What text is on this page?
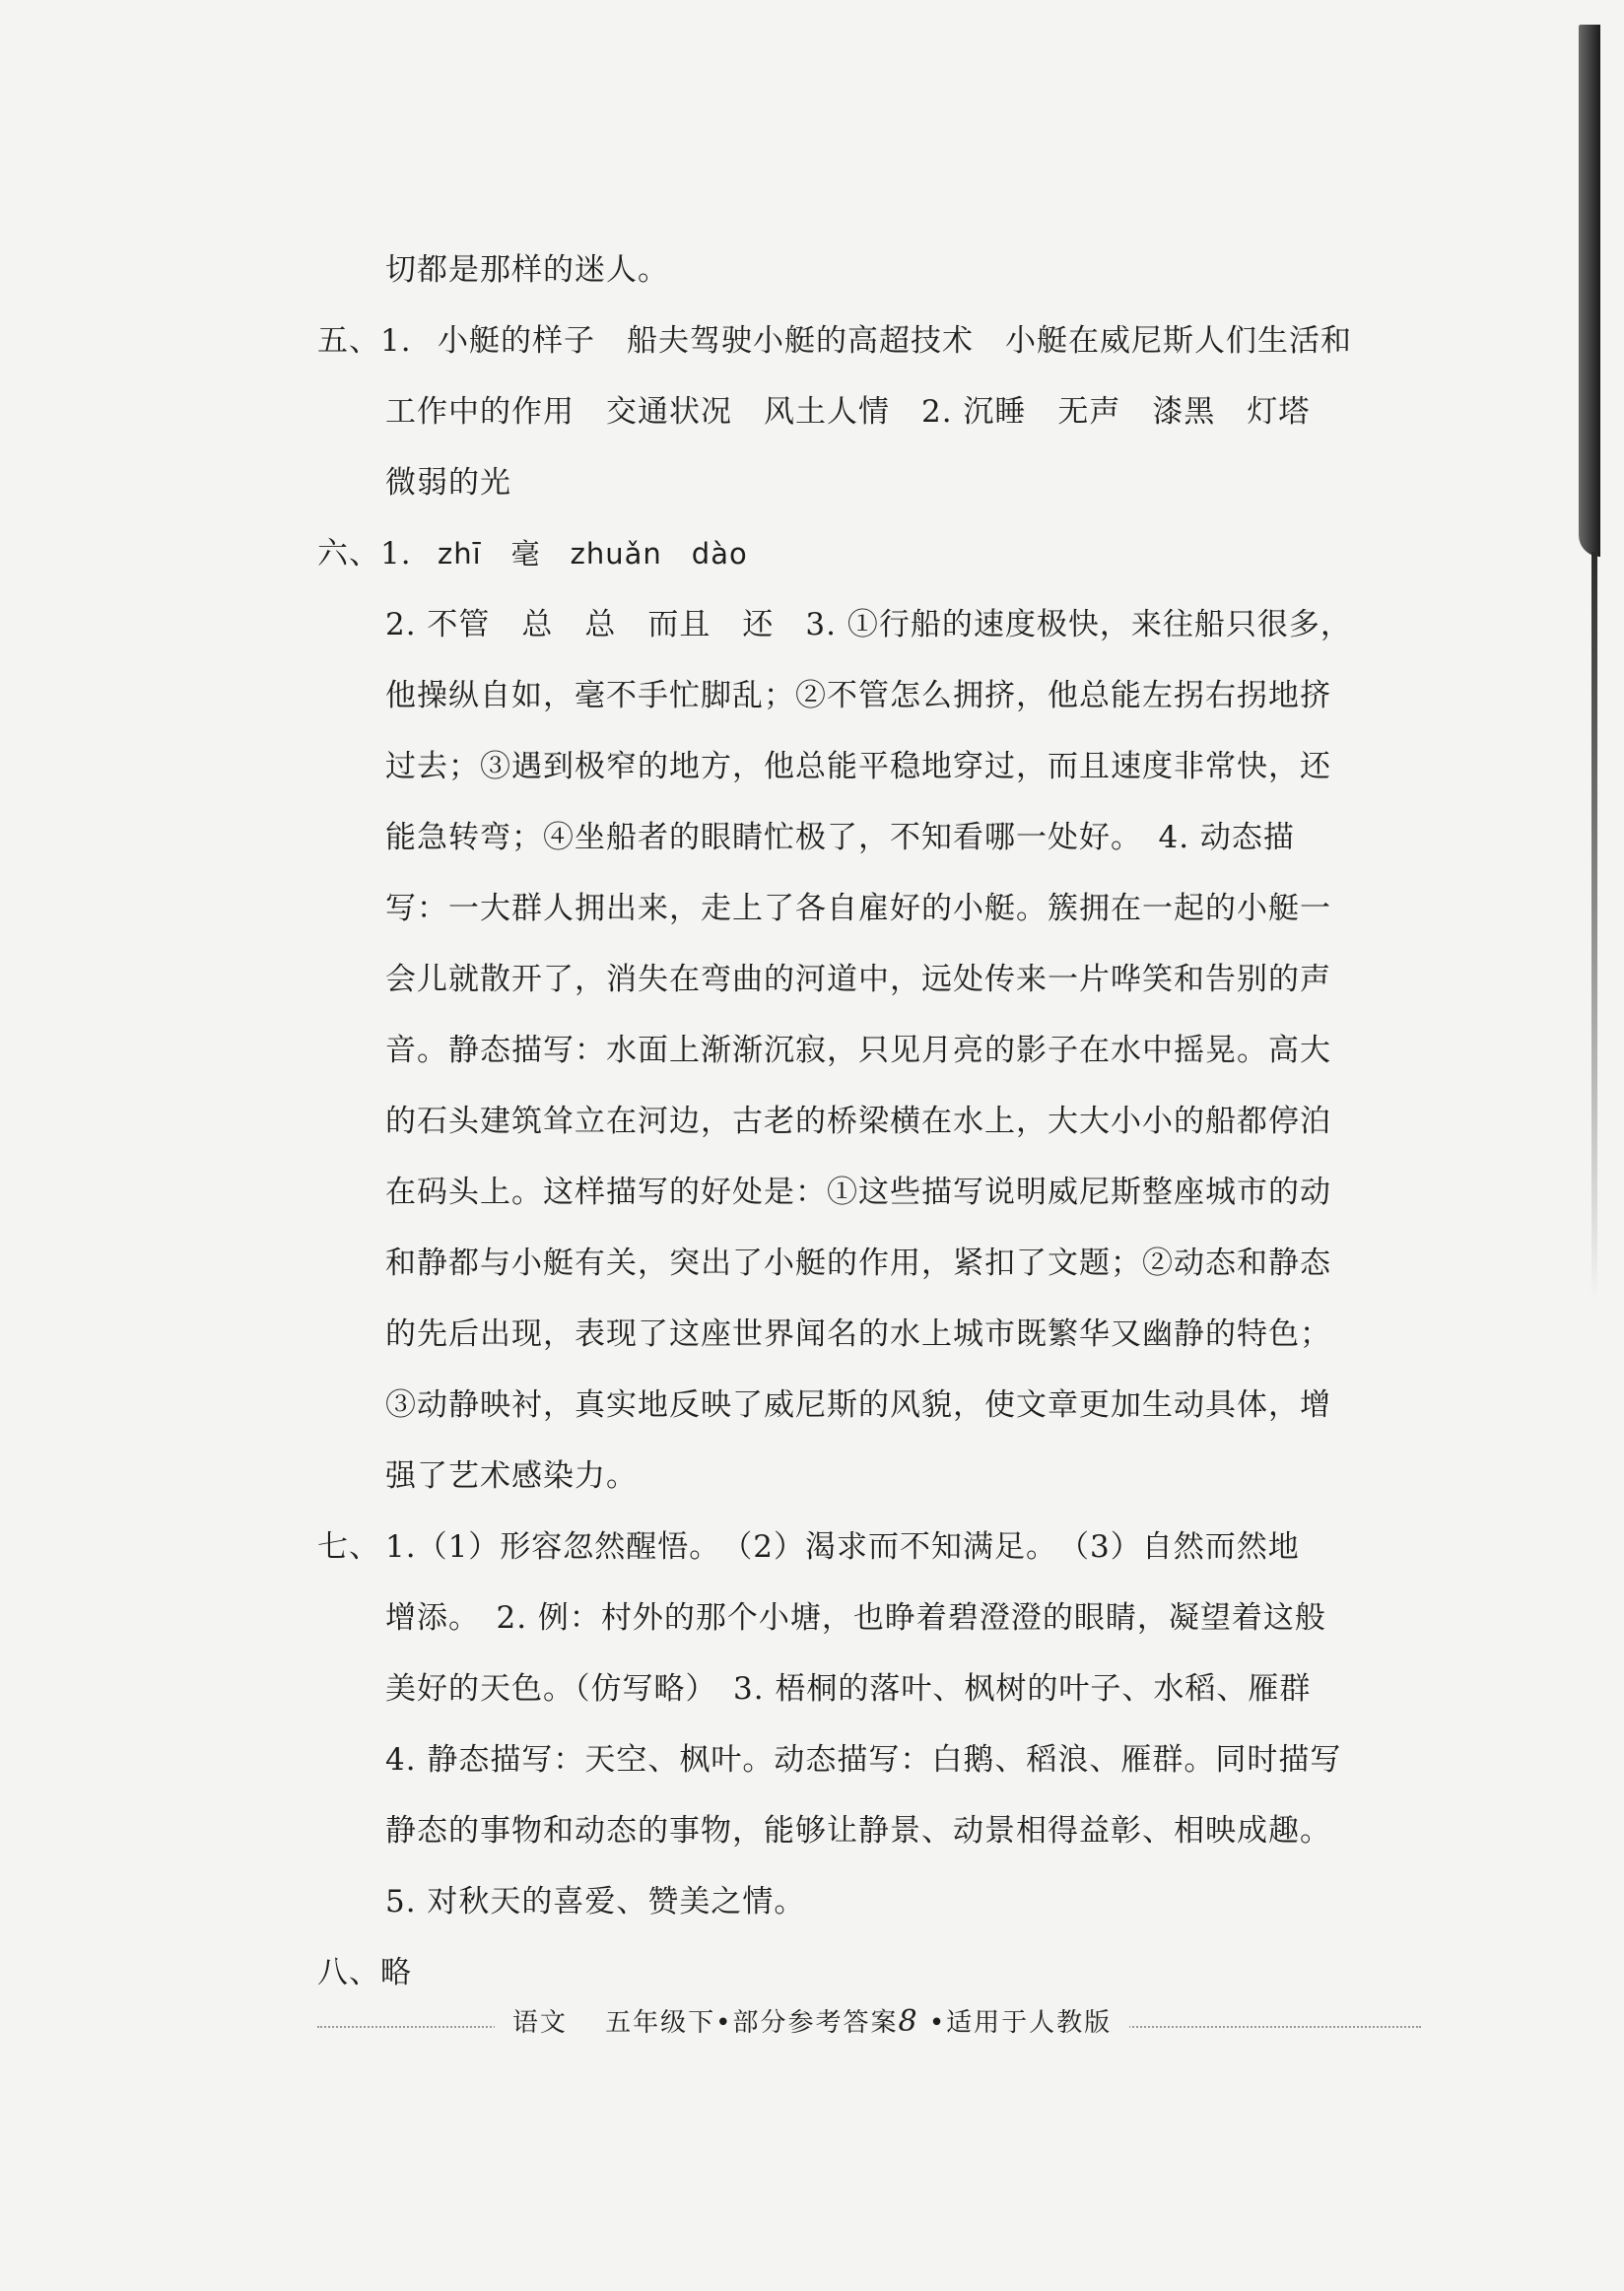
切都是那样的迷人。
五、1. 小艇的样子　船夫驾驶小艇的高超技术　小艇在威尼斯人们生活和
工作中的作用　交通状况　风土人情　2. 沉睡　无声　漆黑　灯塔
微弱的光
六、1. zhī　毫　zhuǎn　dào
2. 不管　总　总　而且　还　3. ①行船的速度极快，来往船只很多，
他操纵自如，毫不手忙脚乱；②不管怎么拥挤，他总能左拐右拐地挤
过去；③遇到极窄的地方，他总能平稳地穿过，而且速度非常快，还
能急转弯；④坐船者的眼睛忙极了，不知看哪一处好。　4. 动态描
写：一大群人拥出来，走上了各自雇好的小艇。簇拥在一起的小艇一
会儿就散开了，消失在弯曲的河道中，远处传来一片哗笑和告别的声
音。静态描写：水面上渐渐沉寂，只见月亮的影子在水中摇晃。高大
的石头建筑耸立在河边，古老的桥梁横在水上，大大小小的船都停泊
在码头上。这样描写的好处是：①这些描写说明威尼斯整座城市的动
和静都与小艇有关，突出了小艇的作用，紧扣了文题；②动态和静态
的先后出现，表现了这座世界闻名的水上城市既繁华又幽静的特色；
③动静映衬，真实地反映了威尼斯的风貌，使文章更加生动具体，增
强了艺术感染力。
七、 1.（1）形容忽然醒悟。　（2）渴求而不知满足。　（3）自然而然地
增添。　2. 例：村外的那个小塘，也睁着碧澄澄的眼睛，凝望着这般
美好的天色。（仿写略）　3. 梧桐的落叶、枫树的叶子、水稻、雁群
4. 静态描写：天空、枫叶。动态描写：白鹅、稻浪、雁群。同时描写
静态的事物和动态的事物，能够让静景、动景相得益彰、相映成趣。
5. 对秋天的喜爱、赞美之情。
八、略
语文　 五年级下•部分参考答案8 •适用于人教版
